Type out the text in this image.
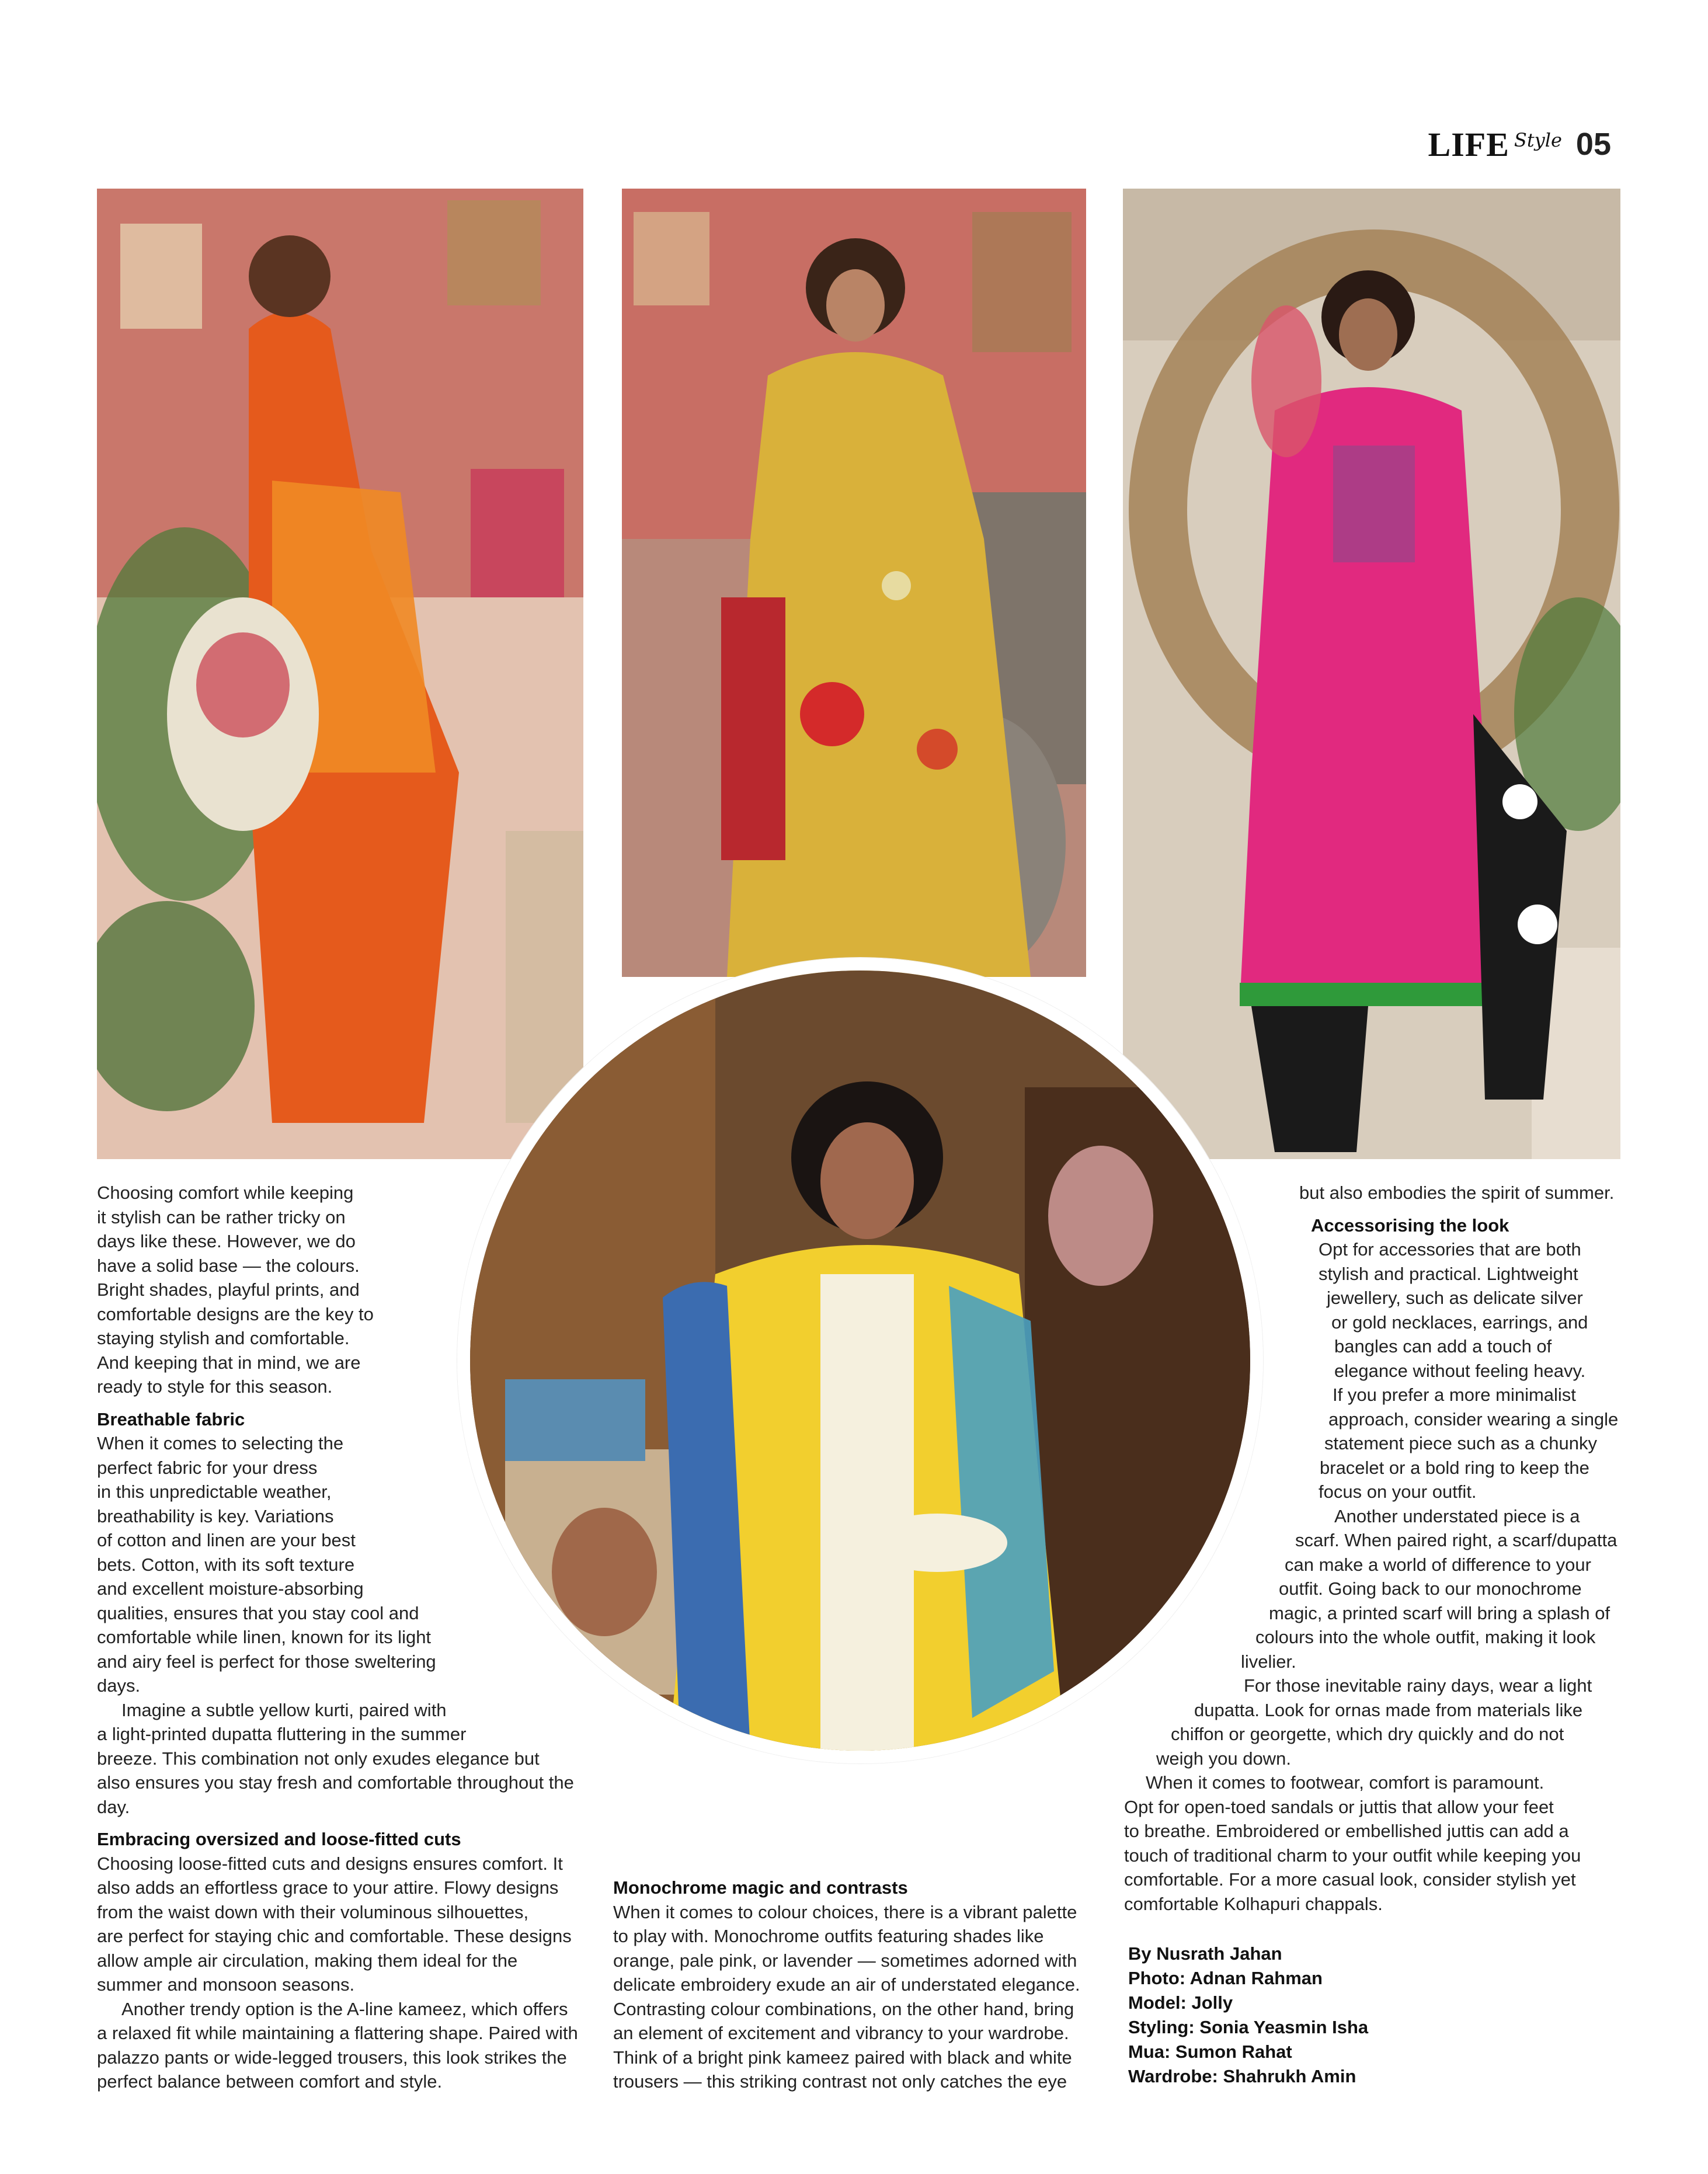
LIFE Style 05

Choosing comfort while keeping

it stylish can be rather tricky on

days like these. However, we do

have a solid base — the colours.

Bright shades, playful prints, and

comfortable designs are the key to

staying stylish and comfortable.

And keeping that in mind, we are

ready to style for this season.

Breathable fabric

When it comes to selecting the

perfect fabric for your dress

in this unpredictable weather,

breathability is key. Variations

of cotton and linen are your best

bets. Cotton, with its soft texture

and excellent moisture-absorbing

qualities, ensures that you stay cool and

comfortable while linen, known for its light

and airy feel is perfect for those sweltering

days.

Imagine a subtle yellow kurti, paired with

a light-printed dupatta fluttering in the summer

breeze. This combination not only exudes elegance but

also ensures you stay fresh and comfortable throughout the

day.

Embracing oversized and loose-fitted cuts

Choosing loose-fitted cuts and designs ensures comfort. It

also adds an effortless grace to your attire. Flowy designs

from the waist down with their voluminous silhouettes,

are perfect for staying chic and comfortable. These designs

allow ample air circulation, making them ideal for the

summer and monsoon seasons.

Another trendy option is the A-line kameez, which offers

a relaxed fit while maintaining a flattering shape. Paired with

palazzo pants or wide-legged trousers, this look strikes the

perfect balance between comfort and style.

Monochrome magic and contrasts

When it comes to colour choices, there is a vibrant palette

to play with. Monochrome outfits featuring shades like

orange, pale pink, or lavender — sometimes adorned with

delicate embroidery exude an air of understated elegance.

Contrasting colour combinations, on the other hand, bring

an element of excitement and vibrancy to your wardrobe.

Think of a bright pink kameez paired with black and white

trousers — this striking contrast not only catches the eye

but also embodies the spirit of summer.

Accessorising the look

Opt for accessories that are both

stylish and practical. Lightweight

jewellery, such as delicate silver

or gold necklaces, earrings, and

bangles can add a touch of

elegance without feeling heavy.

If you prefer a more minimalist

approach, consider wearing a single

statement piece such as a chunky

bracelet or a bold ring to keep the

focus on your outfit.

Another understated piece is a

scarf. When paired right, a scarf/dupatta

can make a world of difference to your

outfit. Going back to our monochrome

magic, a printed scarf will bring a splash of

colours into the whole outfit, making it look

livelier.

For those inevitable rainy days, wear a light

dupatta. Look for ornas made from materials like

chiffon or georgette, which dry quickly and do not

weigh you down.

When it comes to footwear, comfort is paramount.

Opt for open-toed sandals or juttis that allow your feet

to breathe. Embroidered or embellished juttis can add a

touch of traditional charm to your outfit while keeping you

comfortable. For a more casual look, consider stylish yet

comfortable Kolhapuri chappals.

By Nusrath Jahan

Photo: Adnan Rahman

Model: Jolly

Styling: Sonia Yeasmin Isha

Mua: Sumon Rahat

Wardrobe: Shahrukh Amin
